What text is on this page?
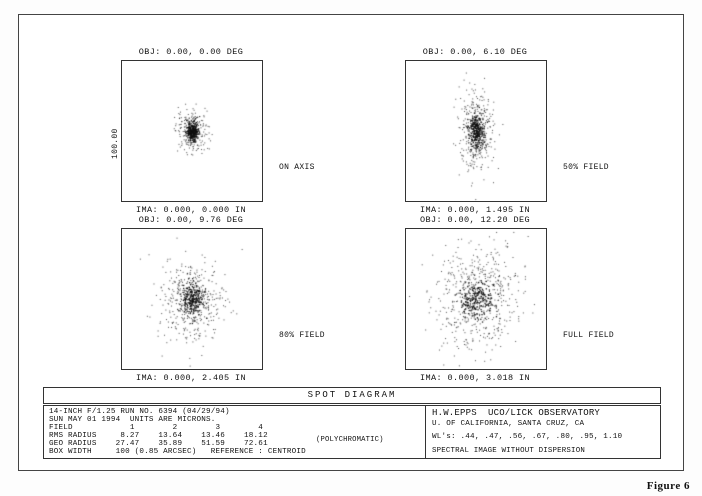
OBJ: 0.00, 0.00 DEG
IMA: 0.000, 0.000 IN
ON AXIS
100.00
OBJ: 0.00, 6.10 DEG
IMA: 0.000, 1.495 IN
50% FIELD
OBJ: 0.00, 9.76 DEG
IMA: 0.000, 2.405 IN
80% FIELD
OBJ: 0.00, 12.20 DEG
IMA: 0.000, 3.018 IN
FULL FIELD
SPOT DIAGRAM
14-INCH F/1.25 RUN NO. 6394 (04/29/94)
SUN MAY 01 1994  UNITS ARE MICRONS.
FIELD            1        2        3        4
RMS RADIUS     8.27    13.64    13.46    18.12
GEO RADIUS    27.47    35.89    51.59    72.61
BOX WIDTH     100 (0.85 ARCSEC)   REFERENCE : CENTROID
(POLYCHROMATIC)
H.W.EPPS  UCO/LICK OBSERVATORY
U. OF CALIFORNIA, SANTA CRUZ, CA
WL's: .44, .47, .56, .67, .80, .95, 1.10
SPECTRAL IMAGE WITHOUT DISPERSION
Figure 6
